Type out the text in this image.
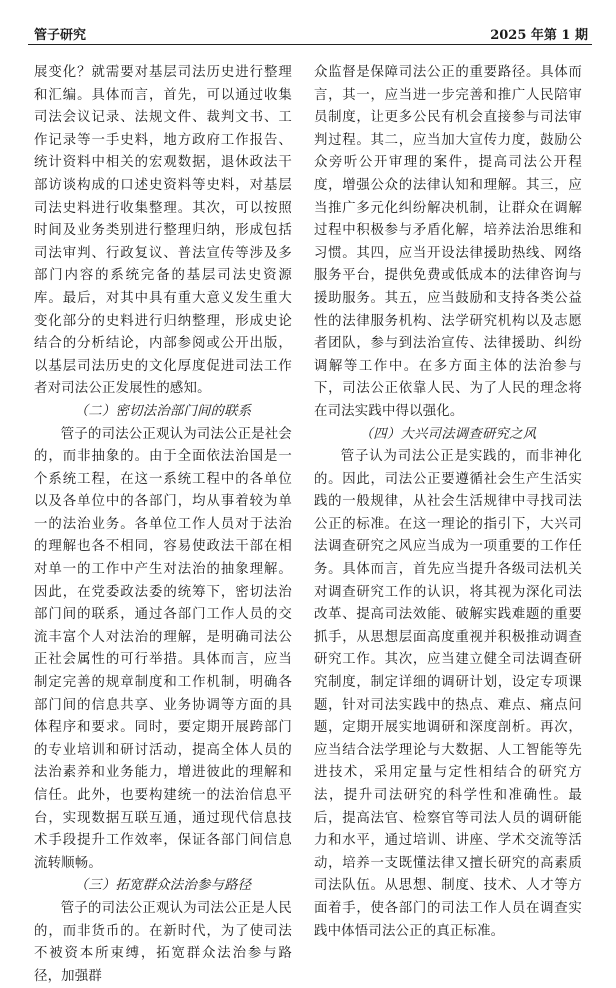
管子研究	2025 年第 1 期

展变化？就需要对基层司法历史进行整理和汇编。具体而言，首先，可以通过收集司法会议记录、法规文件、裁判文书、工作记录等一手史料，地方政府工作报告、统计资料中相关的宏观数据，退休政法干部访谈构成的口述史资料等史料，对基层司法史料进行收集整理。其次，可以按照时间及业务类别进行整理归纳，形成包括司法审判、行政复议、普法宣传等涉及多部门内容的系统完备的基层司法史资源库。最后，对其中具有重大意义发生重大变化部分的史料进行归纳整理，形成史论结合的分析结论，内部参阅或公开出版，以基层司法历史的文化厚度促进司法工作者对司法公正发展性的感知。

（二）密切法治部门间的联系

管子的司法公正观认为司法公正是社会的，而非抽象的。由于全面依法治国是一个系统工程，在这一系统工程中的各单位以及各单位中的各部门，均从事着较为单一的法治业务。各单位工作人员对于法治的理解也各不相同，容易使政法干部在相对单一的工作中产生对法治的抽象理解。因此，在党委政法委的统筹下，密切法治部门间的联系，通过各部门工作人员的交流丰富个人对法治的理解，是明确司法公正社会属性的可行举措。具体而言，应当制定完善的规章制度和工作机制，明确各部门间的信息共享、业务协调等方面的具体程序和要求。同时，要定期开展跨部门的专业培训和研讨活动，提高全体人员的法治素养和业务能力，增进彼此的理解和信任。此外，也要构建统一的法治信息平台，实现数据互联互通，通过现代信息技术手段提升工作效率，保证各部门间信息流转顺畅。

（三）拓宽群众法治参与路径

管子的司法公正观认为司法公正是人民的，而非货币的。在新时代，为了使司法不被资本所束缚，拓宽群众法治参与路径，加强群

众监督是保障司法公正的重要路径。具体而言，其一，应当进一步完善和推广人民陪审员制度，让更多公民有机会直接参与司法审判过程。其二，应当加大宣传力度，鼓励公众旁听公开审理的案件，提高司法公开程度，增强公众的法律认知和理解。其三，应当推广多元化纠纷解决机制，让群众在调解过程中积极参与矛盾化解，培养法治思维和习惯。其四，应当开设法律援助热线、网络服务平台，提供免费或低成本的法律咨询与援助服务。其五，应当鼓励和支持各类公益性的法律服务机构、法学研究机构以及志愿者团队，参与到法治宣传、法律援助、纠纷调解等工作中。在多方面主体的法治参与下，司法公正依靠人民、为了人民的理念将在司法实践中得以强化。

（四）大兴司法调查研究之风

管子认为司法公正是实践的，而非神化的。因此，司法公正要遵循社会生产生活实践的一般规律，从社会生活规律中寻找司法公正的标准。在这一理论的指引下，大兴司法调查研究之风应当成为一项重要的工作任务。具体而言，首先应当提升各级司法机关对调查研究工作的认识，将其视为深化司法改革、提高司法效能、破解实践难题的重要抓手，从思想层面高度重视并积极推动调查研究工作。其次，应当建立健全司法调查研究制度，制定详细的调研计划，设定专项课题，针对司法实践中的热点、难点、痛点问题，定期开展实地调研和深度剖析。再次，应当结合法学理论与大数据、人工智能等先进技术，采用定量与定性相结合的研究方法，提升司法研究的科学性和准确性。最后，提高法官、检察官等司法人员的调研能力和水平，通过培训、讲座、学术交流等活动，培养一支既懂法律又擅长研究的高素质司法队伍。从思想、制度、技术、人才等方面着手，使各部门的司法工作人员在调查实践中体悟司法公正的真正标准。
